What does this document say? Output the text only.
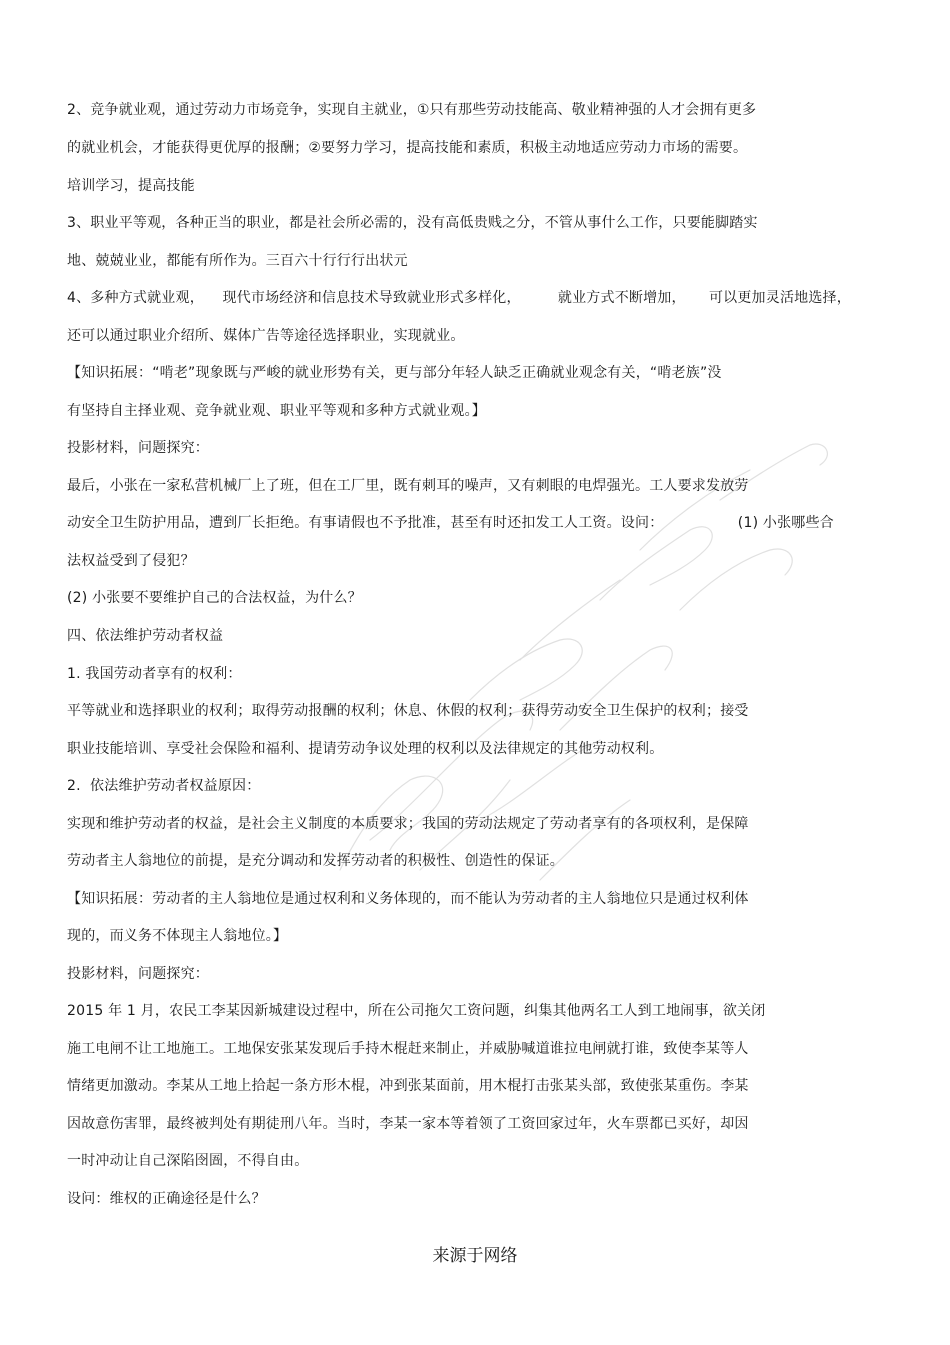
2、竞争就业观，通过劳动力市场竞争，实现自主就业，①只有那些劳动技能高、敬业精神强的人才会拥有更多
的就业机会，才能获得更优厚的报酬；②要努力学习，提高技能和素质，积极主动地适应劳动力市场的需要。
培训学习，提高技能
3、职业平等观，各种正当的职业，都是社会所必需的，没有高低贵贱之分，不管从事什么工作，只要能脚踏实
地、兢兢业业，都能有所作为。三百六十行行行出状元
4、多种方式就业观，    现代市场经济和信息技术导致就业形式多样化，        就业方式不断增加，     可以更加灵活地选择，
还可以通过职业介绍所、媒体广告等途径选择职业，实现就业。
【知识拓展：“啃老”现象既与严峻的就业形势有关，更与部分年轻人缺乏正确就业观念有关，“啃老族”没
有坚持自主择业观、竞争就业观、职业平等观和多种方式就业观。】
投影材料，问题探究：
最后，小张在一家私营机械厂上了班，但在工厂里，既有刺耳的噪声，又有刺眼的电焊强光。工人要求发放劳
动安全卫生防护用品，遭到厂长拒绝。有事请假也不予批准，甚至有时还扣发工人工资。设问：                (1) 小张哪些合
法权益受到了侵犯？
(2) 小张要不要维护自己的合法权益，为什么？
四、依法维护劳动者权益
1. 我国劳动者享有的权利：
平等就业和选择职业的权利；取得劳动报酬的权利；休息、休假的权利；获得劳动安全卫生保护的权利；接受
职业技能培训、享受社会保险和福利、提请劳动争议处理的权利以及法律规定的其他劳动权利。
2.  依法维护劳动者权益原因：
实现和维护劳动者的权益，是社会主义制度的本质要求；我国的劳动法规定了劳动者享有的各项权利，是保障
劳动者主人翁地位的前提，是充分调动和发挥劳动者的积极性、创造性的保证。
【知识拓展：劳动者的主人翁地位是通过权利和义务体现的，而不能认为劳动者的主人翁地位只是通过权利体
现的，而义务不体现主人翁地位。】
投影材料，问题探究：
2015 年 1 月，农民工李某因新城建设过程中，所在公司拖欠工资问题，纠集其他两名工人到工地闹事，欲关闭
施工电闸不让工地施工。工地保安张某发现后手持木棍赶来制止，并威胁喊道谁拉电闸就打谁，致使李某等人
情绪更加激动。李某从工地上拾起一条方形木棍，冲到张某面前，用木棍打击张某头部，致使张某重伤。李某
因故意伤害罪，最终被判处有期徒刑八年。当时，李某一家本等着领了工资回家过年，火车票都已买好，却因
一时冲动让自己深陷囹圄，不得自由。
设问：维权的正确途径是什么？
来源于网络
